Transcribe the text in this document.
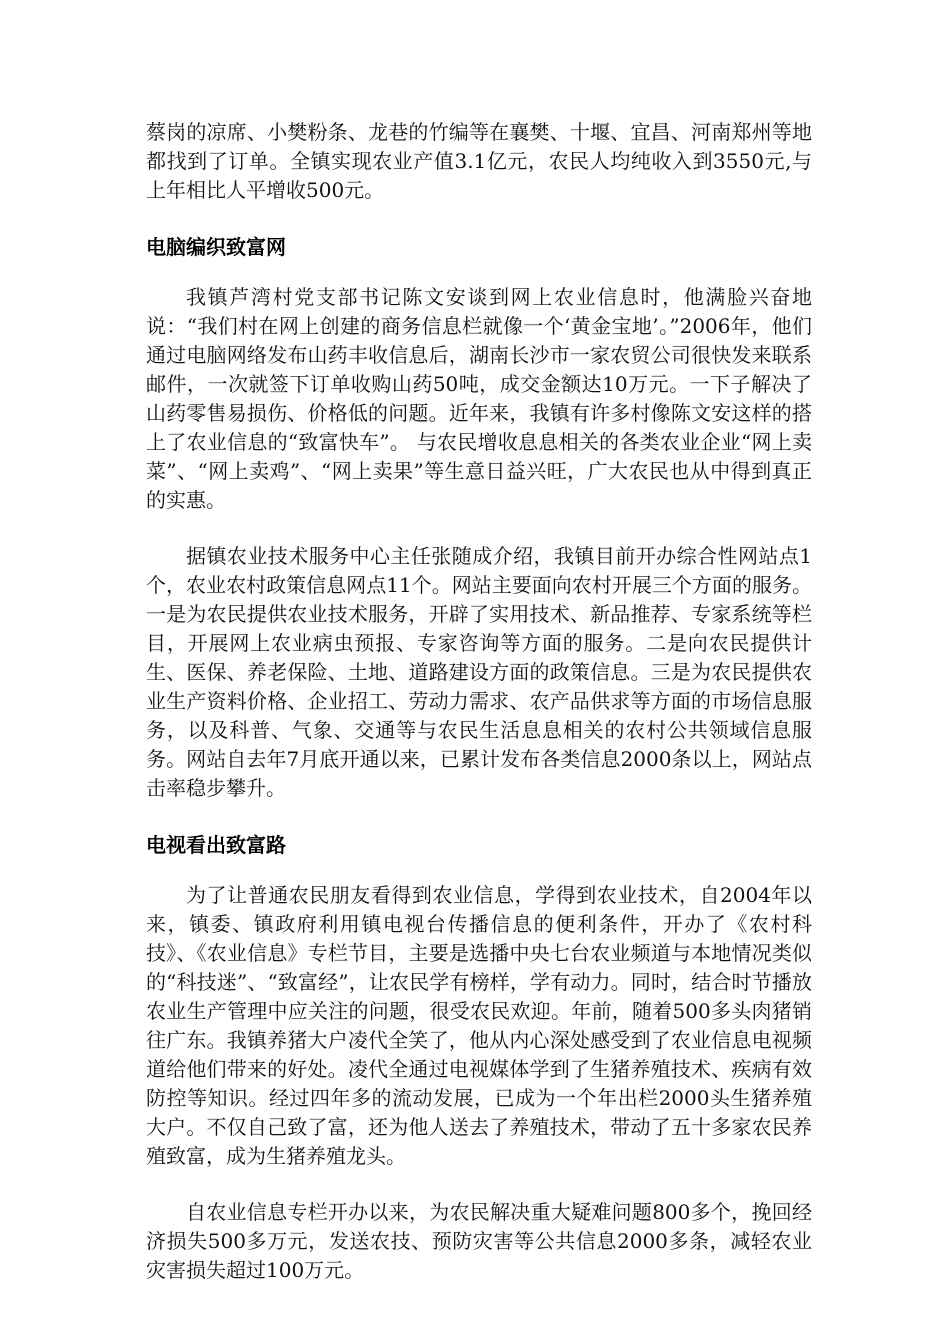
蔡岗的凉席、小樊粉条、龙巷的竹编等在襄樊、十堰、宜昌、河南郑州等地都找到了订单。全镇实现农业产值3.1亿元，农民人均纯收入到3550元,与上年相比人平增收500元。

电脑编织致富网

我镇芦湾村党支部书记陈文安谈到网上农业信息时，他满脸兴奋地说：“我们村在网上创建的商务信息栏就像一个‘黄金宝地’。”2006年，他们通过电脑网络发布山药丰收信息后，湖南长沙市一家农贸公司很快发来联系邮件，一次就签下订单收购山药50吨，成交金额达10万元。一下子解决了山药零售易损伤、价格低的问题。近年来，我镇有许多村像陈文安这样的搭上了农业信息的“致富快车”。 与农民增收息息相关的各类农业企业“网上卖菜”、“网上卖鸡”、“网上卖果”等生意日益兴旺，广大农民也从中得到真正的实惠。

据镇农业技术服务中心主任张随成介绍，我镇目前开办综合性网站点1个，农业农村政策信息网点11个。网站主要面向农村开展三个方面的服务。一是为农民提供农业技术服务，开辟了实用技术、新品推荐、专家系统等栏目，开展网上农业病虫预报、专家咨询等方面的服务。二是向农民提供计生、医保、养老保险、土地、道路建设方面的政策信息。三是为农民提供农业生产资料价格、企业招工、劳动力需求、农产品供求等方面的市场信息服务，以及科普、气象、交通等与农民生活息息相关的农村公共领域信息服务。网站自去年7月底开通以来，已累计发布各类信息2000条以上，网站点击率稳步攀升。

电视看出致富路

为了让普通农民朋友看得到农业信息，学得到农业技术，自2004年以来，镇委、镇政府利用镇电视台传播信息的便利条件，开办了《农村科技》、《农业信息》专栏节目，主要是选播中央七台农业频道与本地情况类似的“科技迷”、“致富经”，让农民学有榜样，学有动力。同时，结合时节播放农业生产管理中应关注的问题，很受农民欢迎。年前，随着500多头肉猪销往广东。我镇养猪大户凌代全笑了，他从内心深处感受到了农业信息电视频道给他们带来的好处。凌代全通过电视媒体学到了生猪养殖技术、疾病有效防控等知识。经过四年多的流动发展，已成为一个年出栏2000头生猪养殖大户。不仅自己致了富，还为他人送去了养殖技术，带动了五十多家农民养殖致富，成为生猪养殖龙头。

自农业信息专栏开办以来，为农民解决重大疑难问题800多个，挽回经济损失500多万元，发送农技、预防灾害等公共信息2000多条，减轻农业灾害损失超过100万元。
